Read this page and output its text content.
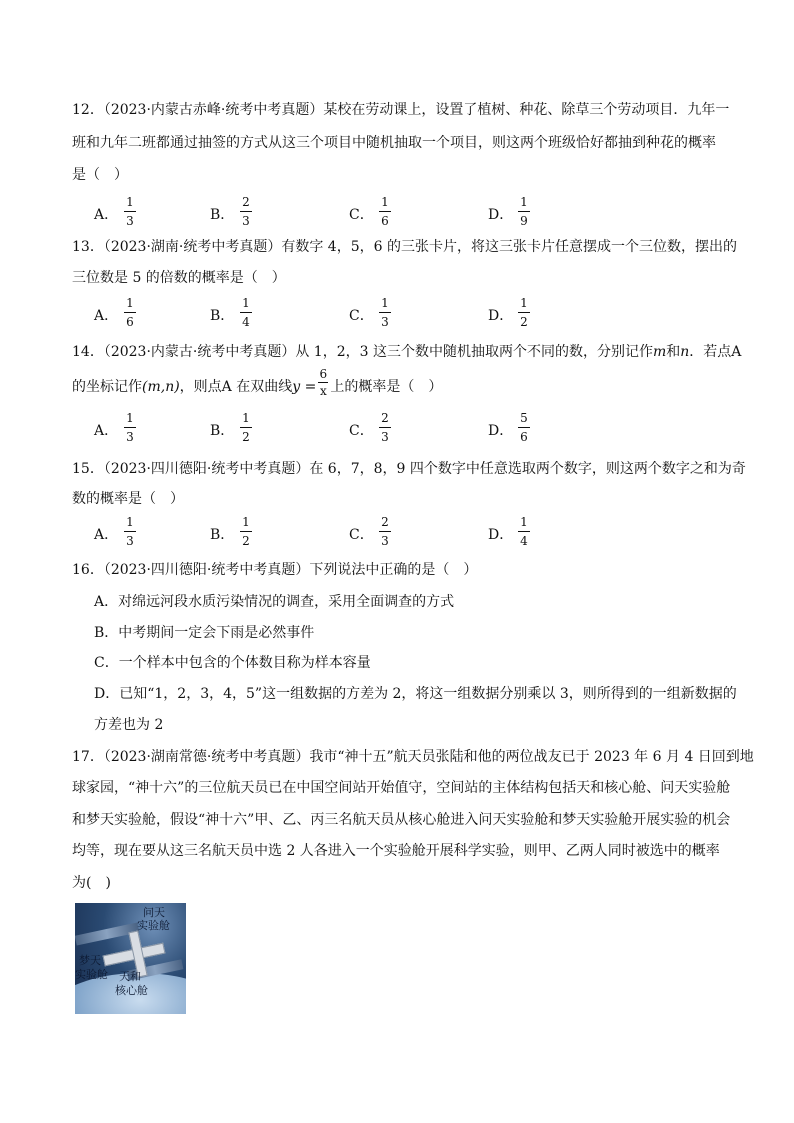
12．（2023·内蒙古赤峰·统考中考真题）某校在劳动课上，设置了植树、种花、除草三个劳动项目．九年一
班和九年二班都通过抽签的方式从这三个项目中随机抽取一个项目，则这两个班级恰好都抽到种花的概率
是（　）
A．
1
3	B．
2
3	C．
1
6	D．
1
9
13．（2023·湖南·统考中考真题）有数字 4，5，6 的三张卡片，将这三张卡片任意摆成一个三位数，摆出的
三位数是 5 的倍数的概率是（　）
A．
1
6	B．
1
4	C．
1
3	D．
1
2
14．（2023·内蒙古·统考中考真题）从 1，2，3 这三个数中随机抽取两个不同的数，分别记作m和n．若点A
的坐标记作(m,n)，则点A 在双曲线y =
6
x 上的概率是（　）
A．
1
3	B．
1
2	C．
2
3	D．
5
6
15．（2023·四川德阳·统考中考真题）在 6，7，8，9 四个数字中任意选取两个数字，则这两个数字之和为奇
数的概率是（　）
A．
1
3	B．
1
2	C．
2
3	D．
1
4
16．（2023·四川德阳·统考中考真题）下列说法中正确的是（　）
A．对绵远河段水质污染情况的调查，采用全面调查的方式
B．中考期间一定会下雨是必然事件
C．一个样本中包含的个体数目称为样本容量
D．已知“1，2，3，4，5”这一组数据的方差为 2，将这一组数据分别乘以 3，则所得到的一组新数据的
方差也为 2
17．（2023·湖南常德·统考中考真题）我市“神十五”航天员张陆和他的两位战友已于 2023 年 6 月 4 日回到地
球家园，“神十六”的三位航天员已在中国空间站开始值守，空间站的主体结构包括天和核心舱、问天实验舱
和梦天实验舱，假设“神十六”甲、乙、丙三名航天员从核心舱进入问天实验舱和梦天实验舱开展实验的机会
均等，现在要从这三名航天员中选 2 人各进入一个实验舱开展科学实验，则甲、乙两人同时被选中的概率
为(　)
问天
实验舱
梦天
实验舱 天和
核心舱
